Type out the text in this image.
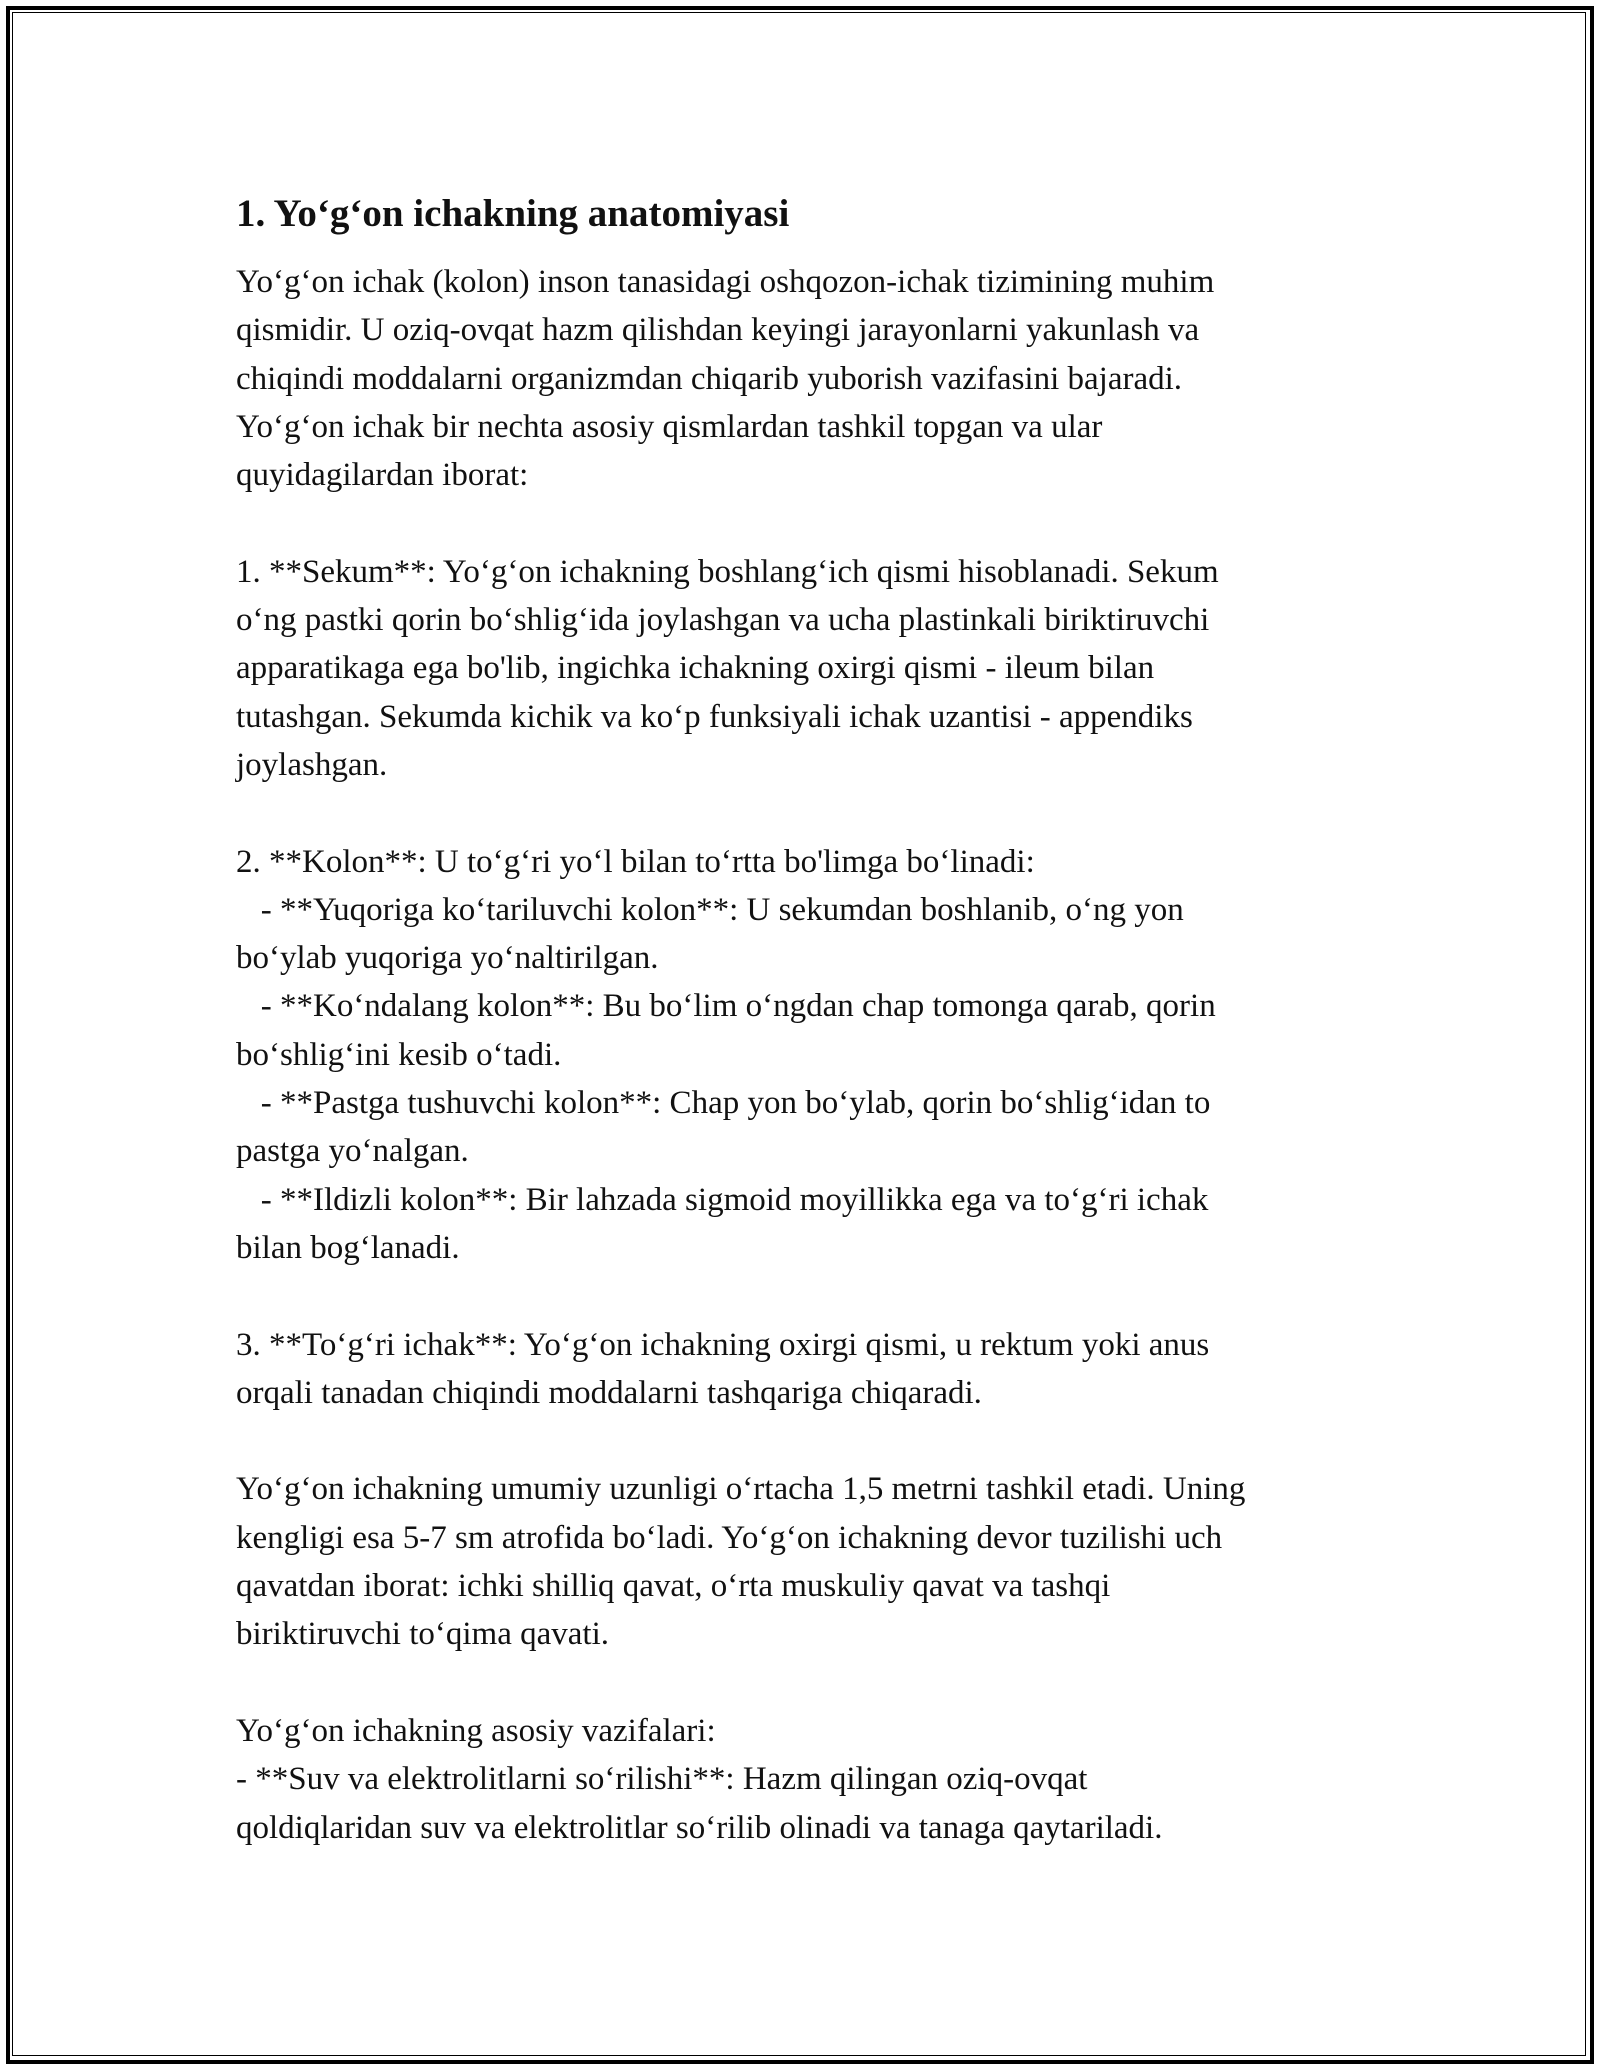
1. Yo‘g‘on ichakning anatomiyasi
Yo‘g‘on ichak (kolon) inson tanasidagi oshqozon-ichak tizimining muhim
qismidir. U oziq-ovqat hazm qilishdan keyingi jarayonlarni yakunlash va
chiqindi moddalarni organizmdan chiqarib yuborish vazifasini bajaradi.
Yo‘g‘on ichak bir nechta asosiy qismlardan tashkil topgan va ular
quyidagilardan iborat:
1. **Sekum**: Yo‘g‘on ichakning boshlang‘ich qismi hisoblanadi. Sekum
o‘ng pastki qorin bo‘shlig‘ida joylashgan va ucha plastinkali biriktiruvchi
apparatikaga ega bo'lib, ingichka ichakning oxirgi qismi - ileum bilan
tutashgan. Sekumda kichik va ko‘p funksiyali ichak uzantisi - appendiks
joylashgan.
2. **Kolon**: U to‘g‘ri yo‘l bilan to‘rtta bo'limga bo‘linadi:
- **Yuqoriga ko‘tariluvchi kolon**: U sekumdan boshlanib, o‘ng yon
bo‘ylab yuqoriga yo‘naltirilgan.
- **Ko‘ndalang kolon**: Bu bo‘lim o‘ngdan chap tomonga qarab, qorin
bo‘shlig‘ini kesib o‘tadi.
- **Pastga tushuvchi kolon**: Chap yon bo‘ylab, qorin bo‘shlig‘idan to
pastga yo‘nalgan.
- **Ildizli kolon**: Bir lahzada sigmoid moyillikka ega va to‘g‘ri ichak
bilan bog‘lanadi.
3. **To‘g‘ri ichak**: Yo‘g‘on ichakning oxirgi qismi, u rektum yoki anus
orqali tanadan chiqindi moddalarni tashqariga chiqaradi.
Yo‘g‘on ichakning umumiy uzunligi o‘rtacha 1,5 metrni tashkil etadi. Uning
kengligi esa 5-7 sm atrofida bo‘ladi. Yo‘g‘on ichakning devor tuzilishi uch
qavatdan iborat: ichki shilliq qavat, o‘rta muskuliy qavat va tashqi
biriktiruvchi to‘qima qavati.
Yo‘g‘on ichakning asosiy vazifalari:
- **Suv va elektrolitlarni so‘rilishi**: Hazm qilingan oziq-ovqat
qoldiqlaridan suv va elektrolitlar so‘rilib olinadi va tanaga qaytariladi.
